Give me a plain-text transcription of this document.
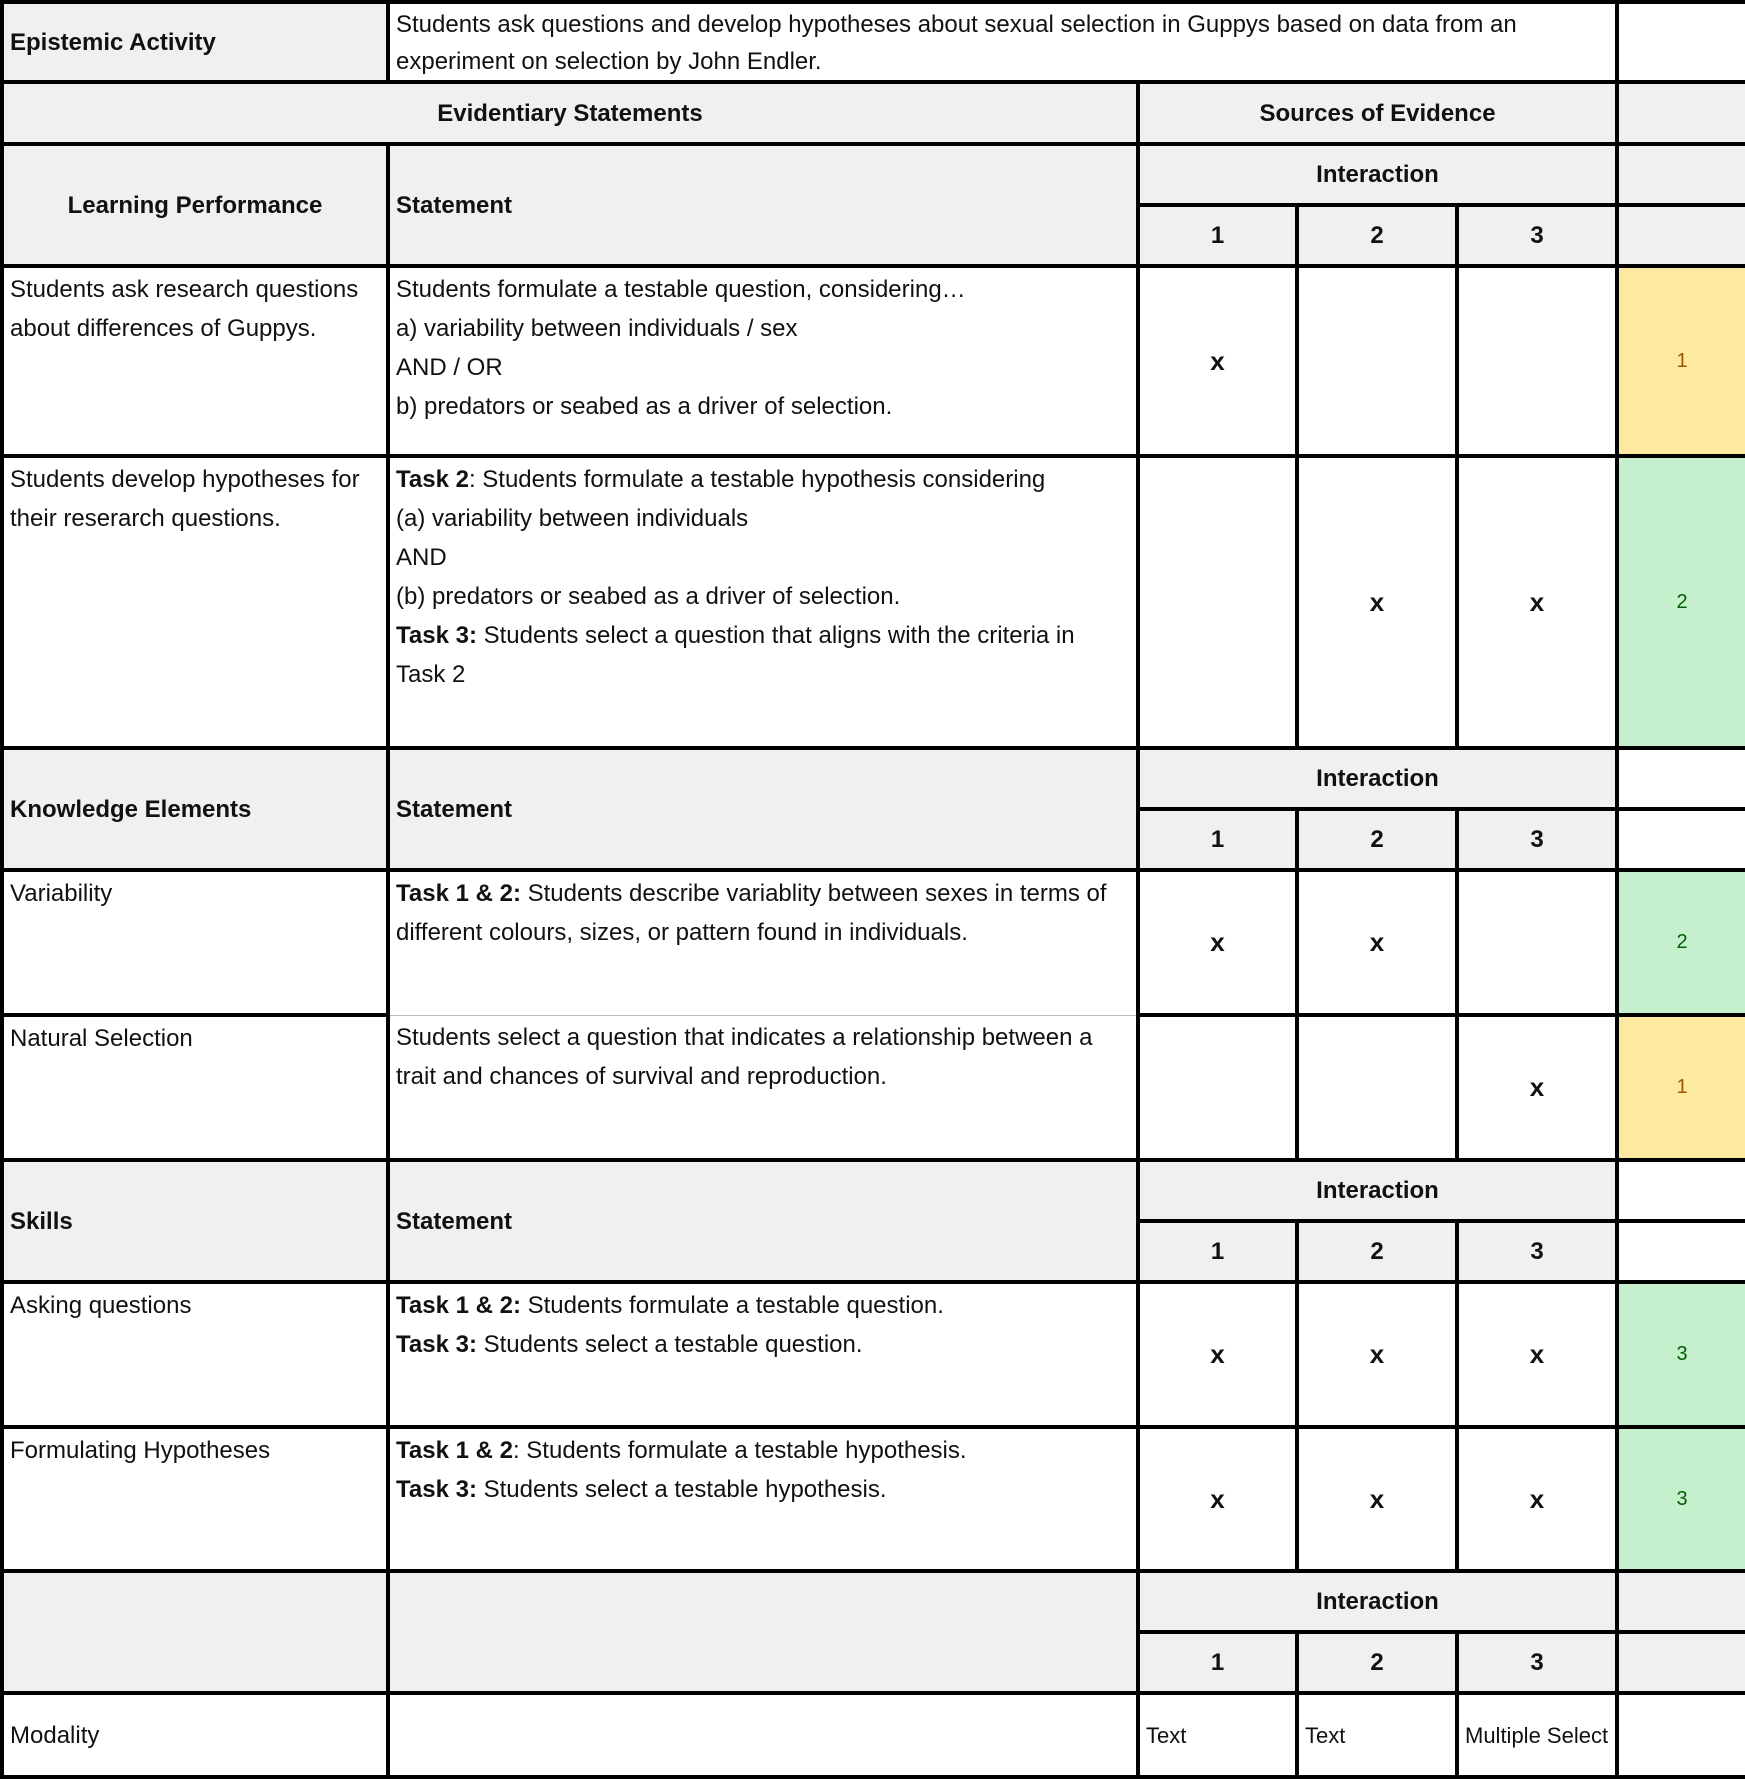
Epistemic Activity	Students ask questions and develop hypotheses about sexual selection in Guppys based on data from an experiment on selection by John Endler.				
Evidentiary Statements		Sources of Evidence			
Learning Performance	Statement	Interaction			
		1	2	3	
Students ask research questions about differences of Guppys.	Students formulate a testable question, considering…
a) variability between individuals / sex
AND / OR
b) predators or seabed as a driver of selection.	x			1
Students develop hypotheses for their reserarch questions.	Task 2: Students formulate a testable hypothesis considering
(a) variability between individuals
AND
(b) predators or seabed as a driver of selection.
Task 3: Students select a question that aligns with the criteria in Task 2		x	x	2
Knowledge Elements	Statement	Interaction			
		1	2	3	
Variability	Task 1 & 2: Students describe variablity between sexes in terms of different colours, sizes, or pattern found in individuals.	x	x		2
Natural Selection	Students select a question that indicates a relationship between a trait and chances of survival and reproduction.			x	1
Skills	Statement	Interaction			
		1	2	3	
Asking questions	Task 1 & 2: Students formulate a testable question.
Task 3: Students select a testable question.	x	x	x	3
Formulating Hypotheses	Task 1 & 2: Students formulate a testable hypothesis.
Task 3: Students select a testable hypothesis.	x	x	x	3
		Interaction			
		1	2	3	
Modality		Text	Text	Multiple Select	
